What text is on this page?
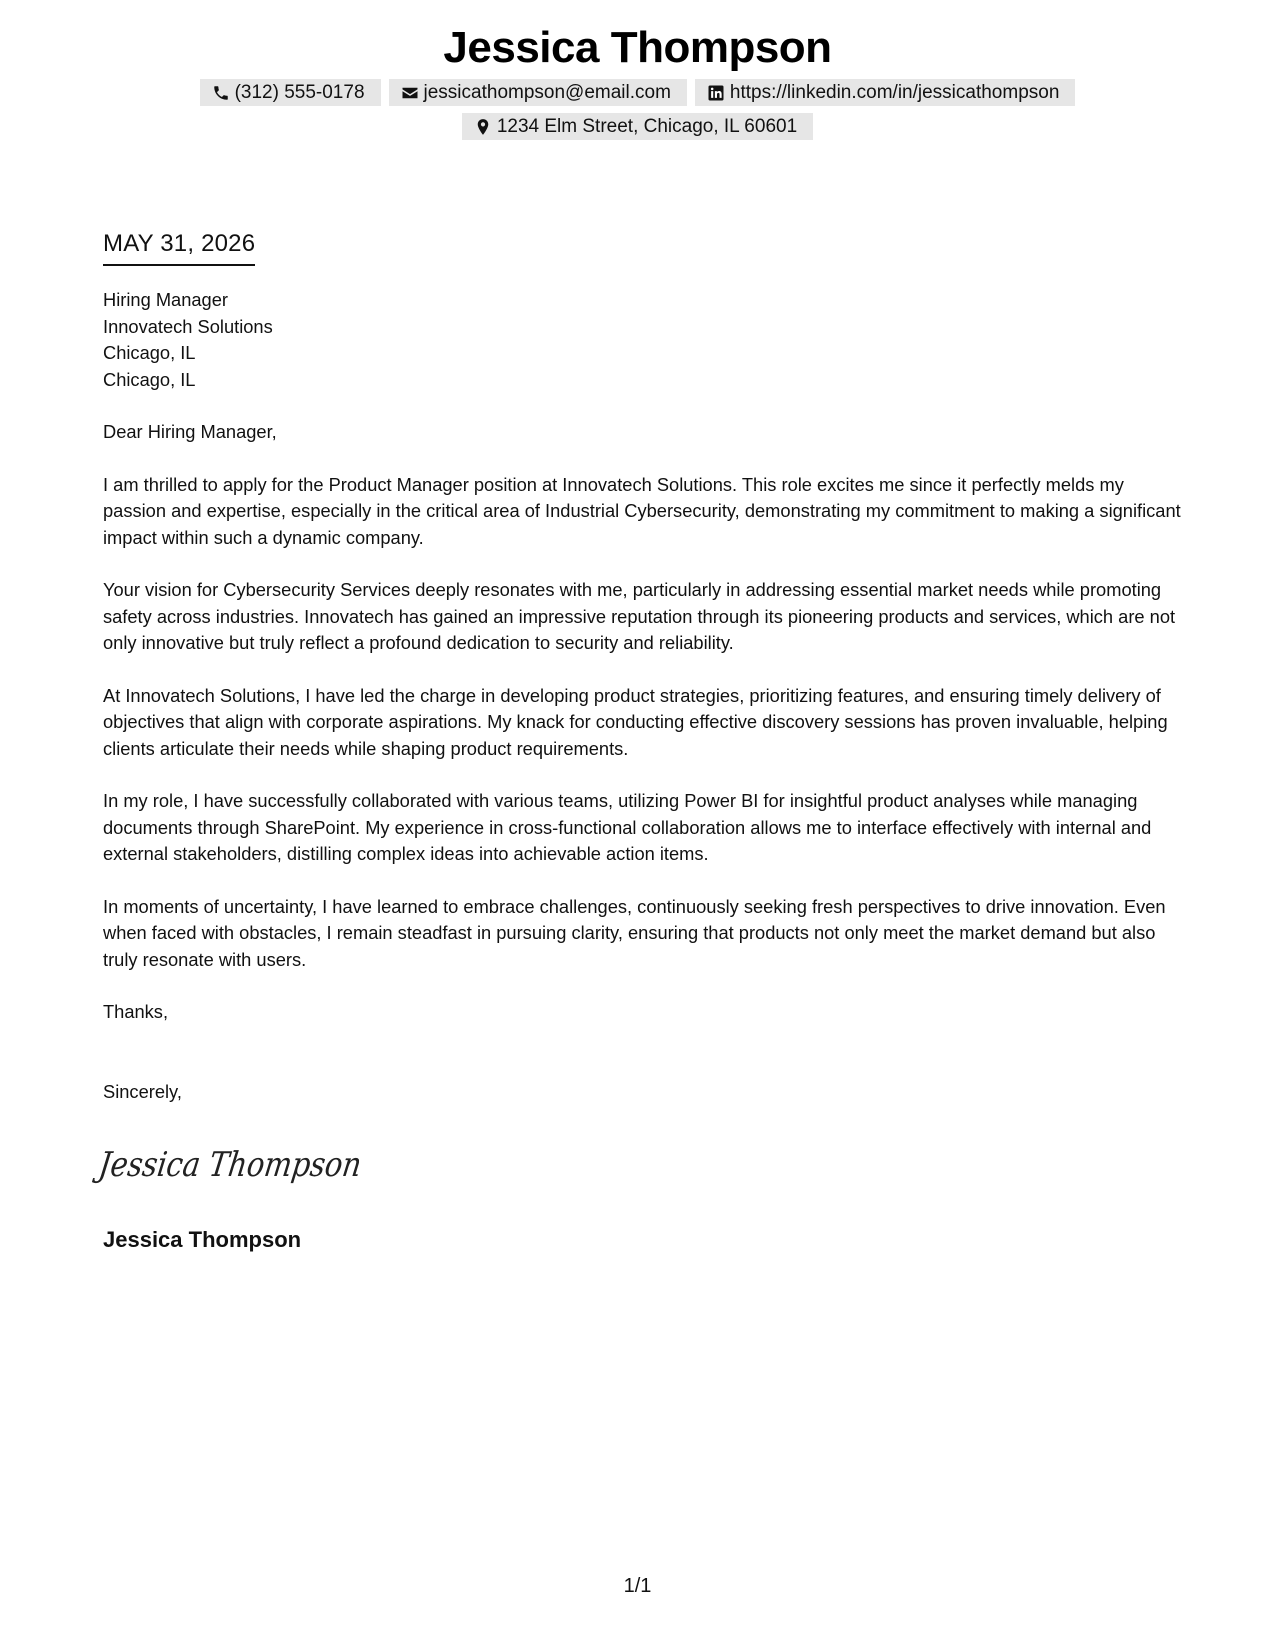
Jessica Thompson
(312) 555-0178	jessicathompson@email.com	https://linkedin.com/in/jessicathompson
1234 Elm Street, Chicago, IL 60601
MAY 31, 2026
Hiring Manager
Innovatech Solutions
Chicago, IL
Chicago, IL

Dear Hiring Manager,

I am thrilled to apply for the Product Manager position at Innovatech Solutions. This role excites me since it perfectly melds my passion and expertise, especially in the critical area of Industrial Cybersecurity, demonstrating my commitment to making a significant impact within such a dynamic company.

Your vision for Cybersecurity Services deeply resonates with me, particularly in addressing essential market needs while promoting safety across industries. Innovatech has gained an impressive reputation through its pioneering products and services, which are not only innovative but truly reflect a profound dedication to security and reliability.

At Innovatech Solutions, I have led the charge in developing product strategies, prioritizing features, and ensuring timely delivery of objectives that align with corporate aspirations. My knack for conducting effective discovery sessions has proven invaluable, helping clients articulate their needs while shaping product requirements.

In my role, I have successfully collaborated with various teams, utilizing Power BI for insightful product analyses while managing documents through SharePoint. My experience in cross-functional collaboration allows me to interface effectively with internal and external stakeholders, distilling complex ideas into achievable action items.

In moments of uncertainty, I have learned to embrace challenges, continuously seeking fresh perspectives to drive innovation. Even when faced with obstacles, I remain steadfast in pursuing clarity, ensuring that products not only meet the market demand but also truly resonate with users.

Thanks,

Sincerely,

Jessica Thompson
Jessica Thompson
1/1
